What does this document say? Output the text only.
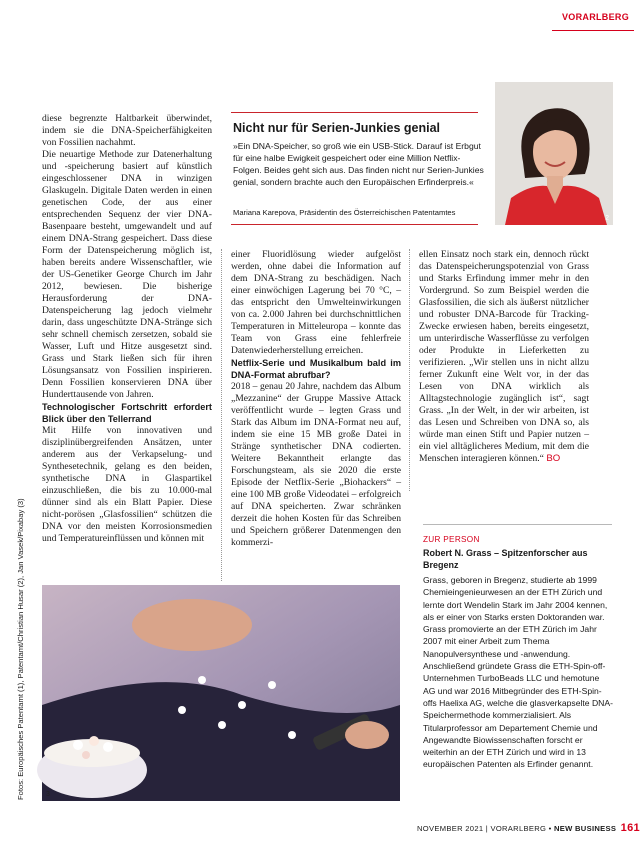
VORARLBERG

diese begrenzte Haltbarkeit überwindet, indem sie die DNA-Speicherfähigkeiten von Fossilien nachahmt.

Die neuartige Methode zur Datenerhaltung und -speicherung basiert auf künstlich eingeschlossener DNA in winzigen Glaskugeln. Digitale Daten werden in einen genetischen Code, der aus einer entsprechenden Sequenz der vier DNA-Basenpaare besteht, umgewandelt und auf einem DNA-Strang gespeichert. Dass diese Form der Datenspeicherung möglich ist, haben bereits andere Wissenschaftler, wie der US-Genetiker George Church im Jahr 2012, bewiesen. Die bisherige Herausforderung der DNA-Datenspeicherung lag jedoch vielmehr darin, dass ungeschützte DNA-Stränge sich sehr schnell chemisch zersetzen, sobald sie Wasser, Luft und Hitze ausgesetzt sind. Grass und Stark ließen sich für ihren Lösungsansatz von Fossilien inspirieren. Denn Fossilien konservieren DNA über Hunderttausende von Jahren.

Technologischer Fortschritt erfordert Blick über den Tellerrand

Mit Hilfe von innovativen und disziplinübergreifenden Ansätzen, unter anderem aus der Verkapselung- und Synthesetechnik, gelang es den beiden, synthetische DNA in Glaspartikel einzuschließen, die bis zu 10.000-mal dünner sind als ein Blatt Papier. Diese nicht-porösen „Glasfossilien“ schützen die DNA vor den meisten Korrosionsmedien und Temperatureinflüssen und können mit

Nicht nur für Serien-Junkies genial
»Ein DNA-Speicher, so groß wie ein USB-Stick. Darauf ist Erbgut für eine halbe Ewigkeit gespeichert oder eine Million Netflix-Folgen. Beides geht sich aus. Das finden nicht nur Serien-Junkies genial, sondern brachte auch den Europäischen Erfinderpreis.«
Mariana Karepova, Präsidentin des Österreichischen Patentamtes
2

einer Fluoridlösung wieder aufgelöst werden, ohne dabei die Information auf dem DNA-Strang zu beschädigen. Nach einer einwöchigen Lagerung bei 70 °C, – das entspricht den Umwelteinwirkungen von ca. 2.000 Jahren bei durchschnittlichen Temperaturen in Mitteleuropa – konnte das Team von Grass eine fehlerfreie Datenwiederherstellung erreichen.

Netflix-Serie und Musikalbum bald im DNA-Format abrufbar?

2018 – genau 20 Jahre, nachdem das Album „Mezzanine“ der Gruppe Massive Attack veröffentlicht wurde – legten Grass und Stark das Album im DNA-Format neu auf, indem sie eine 15 MB große Datei in Stränge synthetischer DNA codierten. Weitere Bekanntheit erlangte das Forschungsteam, als sie 2020 die erste Episode der Netflix-Serie „Biohackers“ – eine 100 MB große Videodatei – erfolgreich auf DNA speicherten. Zwar schränken derzeit die hohen Kosten für das Schreiben und Speichern größerer Datenmengen den kommerzi-

ellen Einsatz noch stark ein, dennoch rückt das Datenspeicherungspotenzial von Grass und Starks Erfindung immer mehr in den Vordergrund. So zum Beispiel werden die Glasfossilien, die sich als äußerst nützlicher und robuster DNA-Barcode für Tracking-Zwecke erwiesen haben, bereits eingesetzt, um unterirdische Wasserflüsse zu verfolgen oder Produkte in Lieferketten zu verifizieren. „Wir stellen uns in nicht allzu ferner Zukunft eine Welt vor, in der das Lesen von DNA wirklich als Alltagstechnologie zugänglich ist“, sagt Grass. „In der Welt, in der wir arbeiten, ist das Lesen und Schreiben von DNA so, als würde man einen Stift und Papier nutzen – ein viel alltäglicheres Medium, mit dem die Menschen interagieren können.“ BO

3
Fotos: Europäisches Patentamt (1), Patentamt/Christian Husar (2), Jan Vasek/Pixabay (3)	ZUR PERSON
Robert N. Grass – Spitzenforscher aus Bregenz
Grass, geboren in Bregenz, studierte ab 1999 Chemieingenieurwesen an der ETH Zürich und lernte dort Wendelin Stark im Jahr 2004 kennen, als er einer von Starks ersten Doktoranden war. Grass promovierte an der ETH Zürich im Jahr 2007 mit einer Arbeit zum Thema Nanopulversynthese und -anwendung. Anschließend gründete Grass die ETH-Spin-off-Unternehmen TurboBeads LLC und hemotune AG und war 2016 Mitbegründer des ETH-Spin-offs Haelixa AG, welche die glasverkapselte DNA-Speichermethode kommerzialisiert. Als Titularprofessor am Departement Chemie und Angewandte Biowissenschaften forscht er weiterhin an der ETH Zürich und wird in 13 europäischen Patenten als Erfinder genannt.
NOVEMBER 2021 | VORARLBERG • NEW BUSINESS 161
